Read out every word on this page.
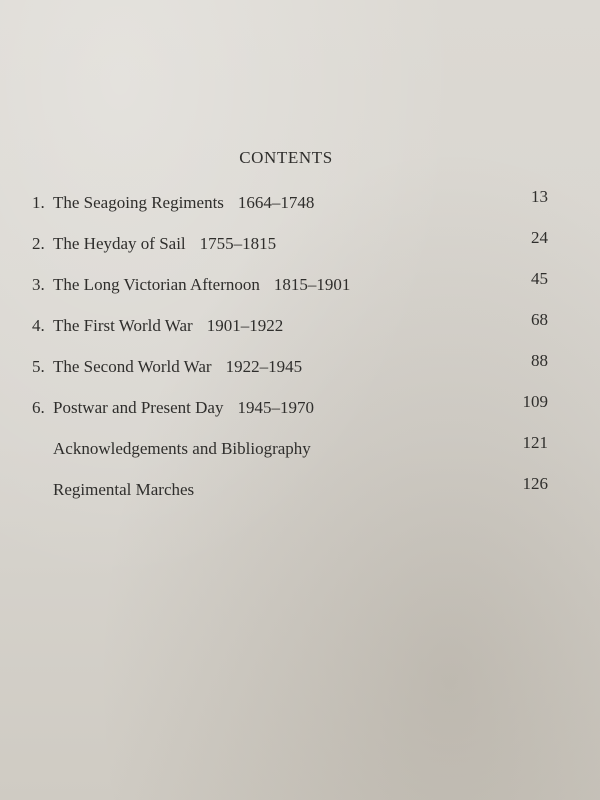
CONTENTS
1. The Seagoing Regiments 1664–1748	13
2. The Heyday of Sail 1755–1815	24
3. The Long Victorian Afternoon 1815–1901	45
4. The First World War 1901–1922	68
5. The Second World War 1922–1945	88
6. Postwar and Present Day 1945–1970	109
Acknowledgements and Bibliography	121
Regimental Marches	126
